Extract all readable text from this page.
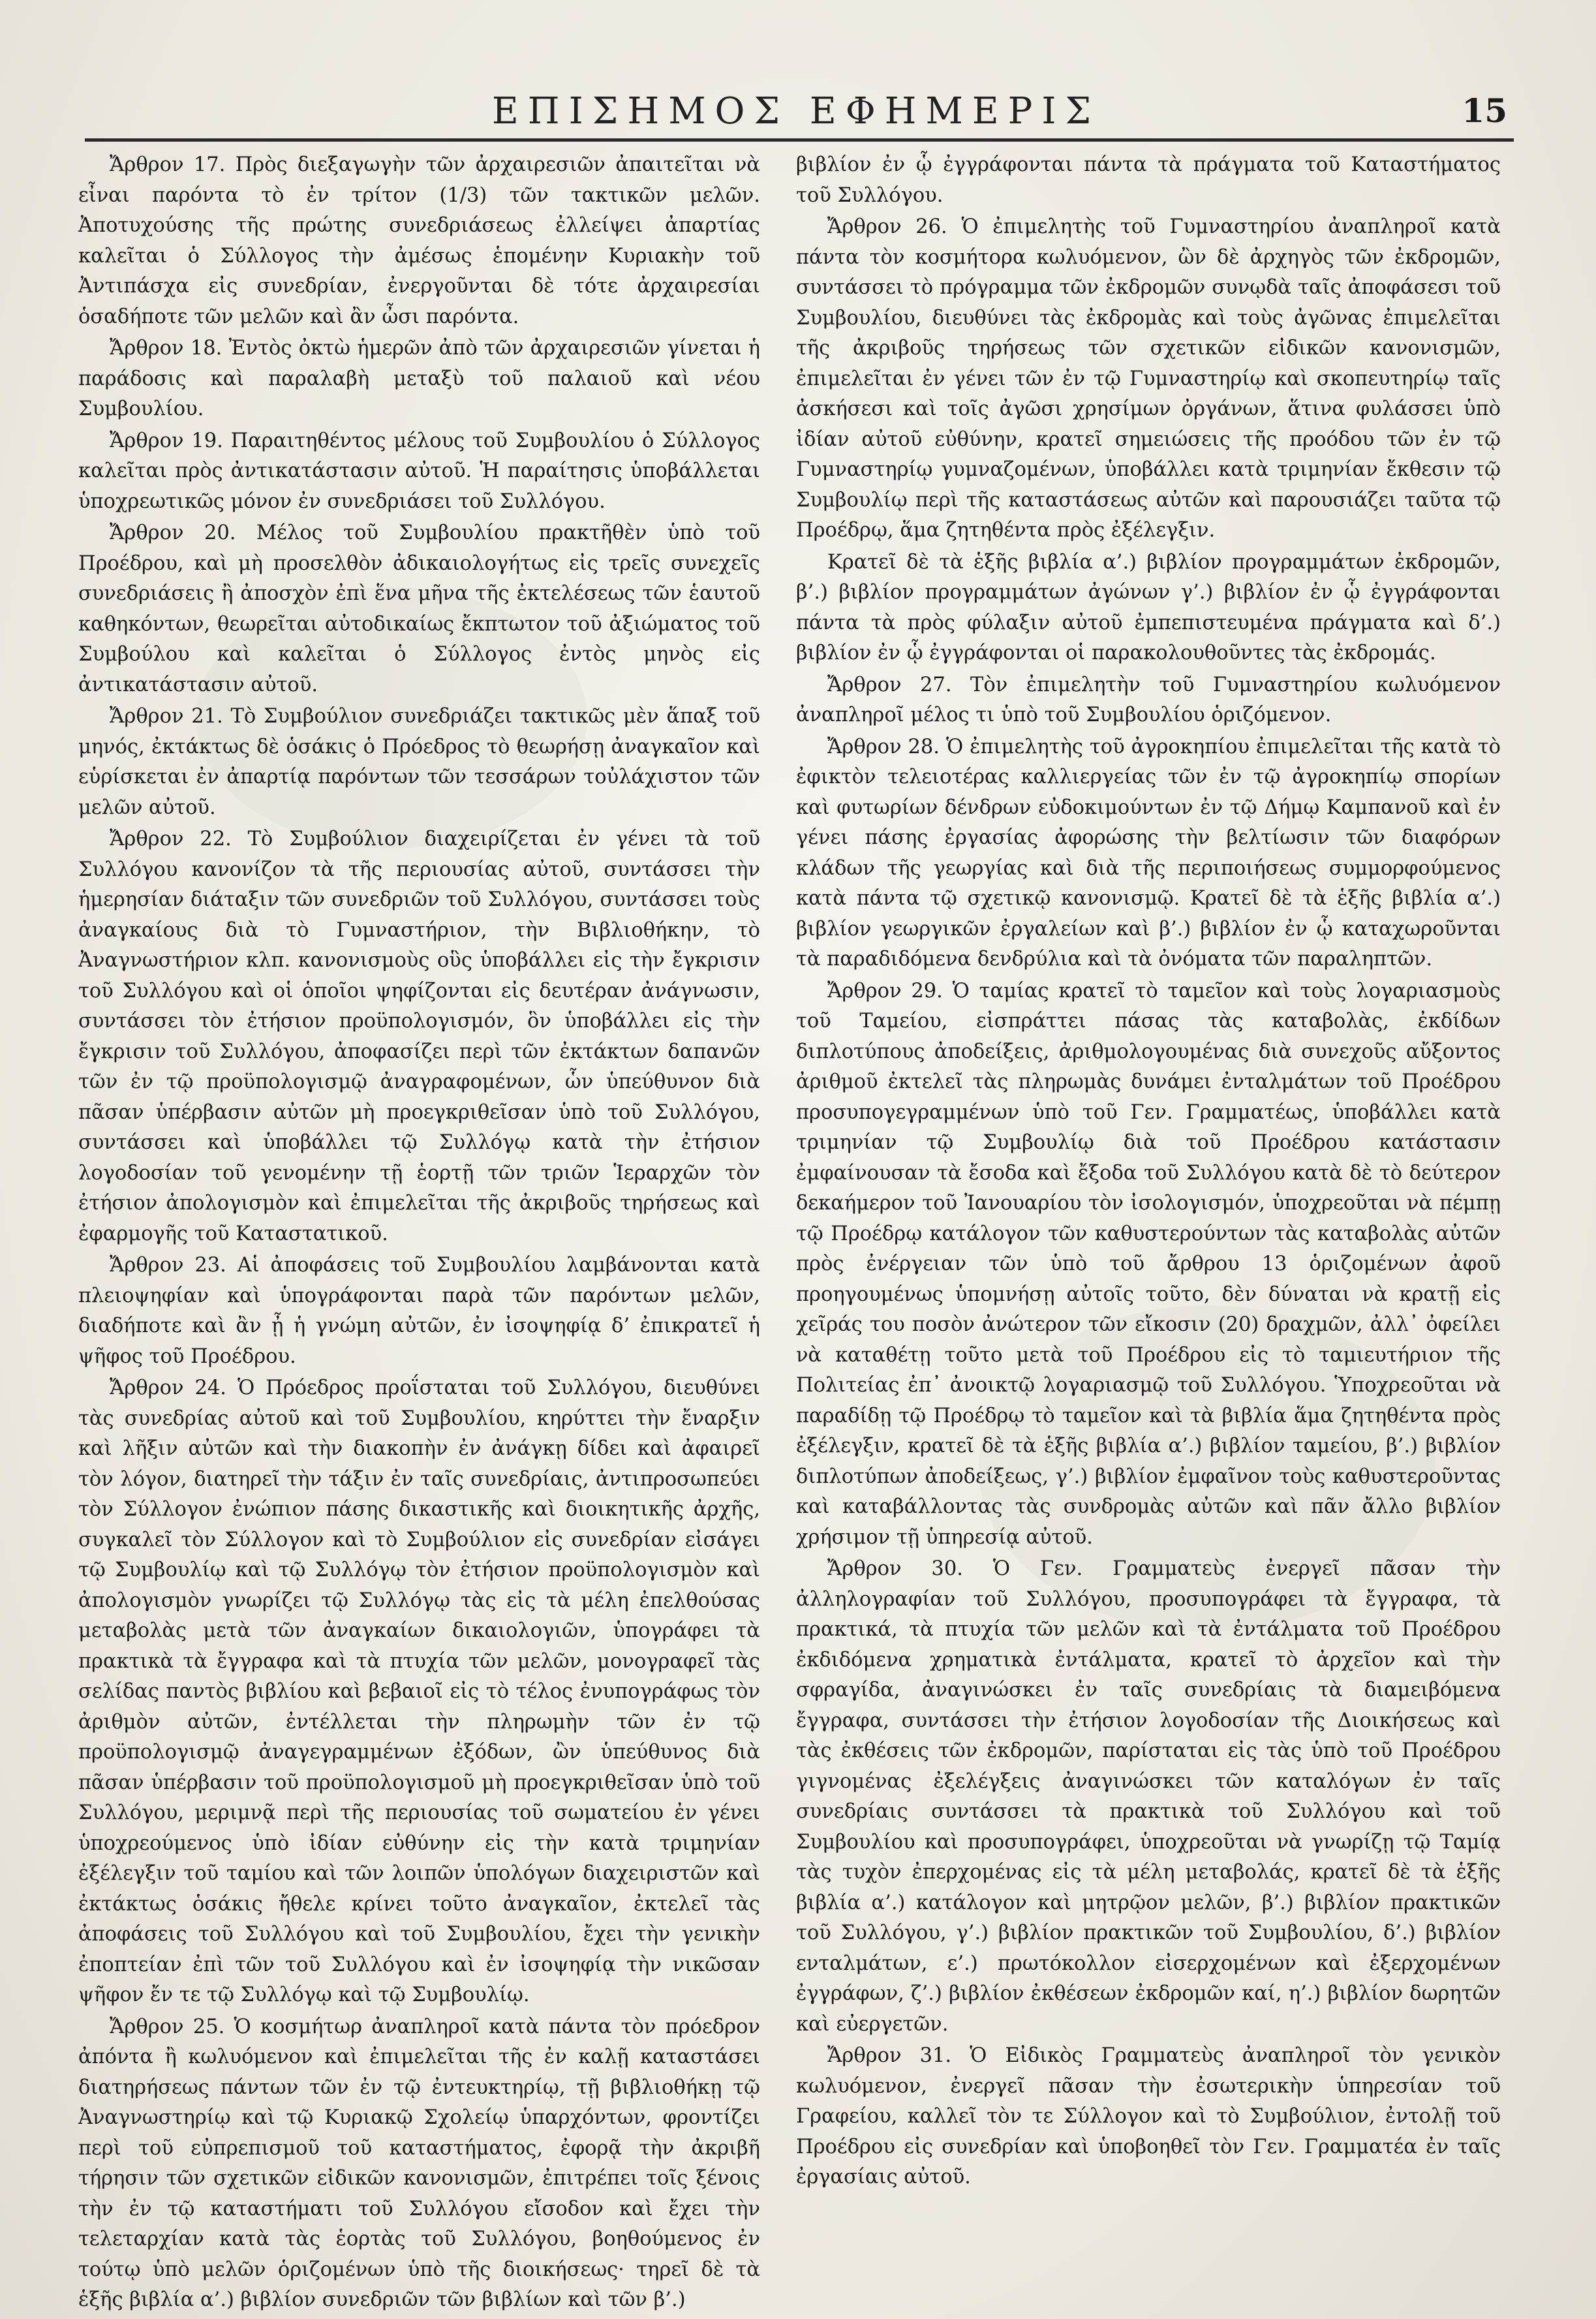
ΕΠΙΣΗΜΟΣ ΕΦΗΜΕΡΙΣ	15

Ἄρθρον 17. Πρὸς διεξαγωγὴν τῶν ἀρχαιρεσιῶν ἀπαιτεῖται νὰ εἶναι παρόντα τὸ ἐν τρίτον (1/3) τῶν τακτικῶν μελῶν. Ἀποτυχούσης τῆς πρώτης συνεδριάσεως ἐλλείψει ἀπαρτίας καλεῖται ὁ Σύλλογος τὴν ἀμέσως ἑπομένην Κυριακὴν τοῦ Ἀντιπάσχα εἰς συνεδρίαν, ἐνεργοῦνται δὲ τότε ἀρχαιρεσίαι ὁσαδήποτε τῶν μελῶν καὶ ἂν ὦσι παρόντα.

Ἄρθρον 18. Ἐντὸς ὀκτὼ ἡμερῶν ἀπὸ τῶν ἀρχαιρεσιῶν γίνεται ἡ παράδοσις καὶ παραλαβὴ μεταξὺ τοῦ παλαιοῦ καὶ νέου Συμβουλίου.

Ἄρθρον 19. Παραιτηθέντος μέλους τοῦ Συμβουλίου ὁ Σύλλογος καλεῖται πρὸς ἀντικατάστασιν αὐτοῦ. Ἡ παραίτησις ὑποβάλλεται ὑποχρεωτικῶς μόνον ἐν συνεδριάσει τοῦ Συλλόγου.

Ἄρθρον 20. Μέλος τοῦ Συμβουλίου πρακτῆθὲν ὑπὸ τοῦ Προέδρου, καὶ μὴ προσελθὸν ἀδικαιολογήτως εἰς τρεῖς συνεχεῖς συνεδριάσεις ἢ ἀποσχὸν ἐπὶ ἕνα μῆνα τῆς ἐκτελέσεως τῶν ἑαυτοῦ καθηκόντων, θεωρεῖται αὐτοδικαίως ἔκπτωτον τοῦ ἀξιώματος τοῦ Συμβούλου καὶ καλεῖται ὁ Σύλλογος ἐντὸς μηνὸς εἰς ἀντικατάστασιν αὐτοῦ.

Ἄρθρον 21. Τὸ Συμβούλιον συνεδριάζει τακτικῶς μὲν ἅπαξ τοῦ μηνός, ἐκτάκτως δὲ ὁσάκις ὁ Πρόεδρος τὸ θεωρήσῃ ἀναγκαῖον καὶ εὑρίσκεται ἐν ἀπαρτίᾳ παρόντων τῶν τεσσάρων τοὐλάχιστον τῶν μελῶν αὐτοῦ.

Ἄρθρον 22. Τὸ Συμβούλιον διαχειρίζεται ἐν γένει τὰ τοῦ Συλλόγου κανονίζον τὰ τῆς περιουσίας αὐτοῦ, συντάσσει τὴν ἡμερησίαν διάταξιν τῶν συνεδριῶν τοῦ Συλλόγου, συντάσσει τοὺς ἀναγκαίους διὰ τὸ Γυμναστήριον, τὴν Βιβλιοθήκην, τὸ Ἀναγνωστήριον κλπ. κανονισμοὺς οὓς ὑποβάλλει εἰς τὴν ἔγκρισιν τοῦ Συλλόγου καὶ οἱ ὁποῖοι ψηφίζονται εἰς δευτέραν ἀνάγνωσιν, συντάσσει τὸν ἐτήσιον προϋπολογισμόν, ὃν ὑποβάλλει εἰς τὴν ἔγκρισιν τοῦ Συλλόγου, ἀποφασίζει περὶ τῶν ἐκτάκτων δαπανῶν τῶν ἐν τῷ προϋπολογισμῷ ἀναγραφομένων, ὧν ὑπεύθυνον διὰ πᾶσαν ὑπέρβασιν αὐτῶν μὴ προεγκριθεῖσαν ὑπὸ τοῦ Συλλόγου, συντάσσει καὶ ὑποβάλλει τῷ Συλλόγῳ κατὰ τὴν ἐτήσιον λογοδοσίαν τοῦ γενομένην τῇ ἑορτῇ τῶν τριῶν Ἱεραρχῶν τὸν ἐτήσιον ἀπολογισμὸν καὶ ἐπιμελεῖται τῆς ἀκριβοῦς τηρήσεως καὶ ἐφαρμογῆς τοῦ Καταστατικοῦ.

Ἄρθρον 23. Αἱ ἀποφάσεις τοῦ Συμβουλίου λαμβάνονται κατὰ πλειοψηφίαν καὶ ὑπογράφονται παρὰ τῶν παρόντων μελῶν, διαδήποτε καὶ ἂν ᾖ ἡ γνώμη αὐτῶν, ἐν ἰσοψηφίᾳ δ’ ἐπικρατεῖ ἡ ψῆφος τοῦ Προέδρου.

Ἄρθρον 24. Ὁ Πρόεδρος προΐσταται τοῦ Συλλόγου, διευθύνει τὰς συνεδρίας αὐτοῦ καὶ τοῦ Συμβουλίου, κηρύττει τὴν ἔναρξιν καὶ λῆξιν αὐτῶν καὶ τὴν διακοπὴν ἐν ἀνάγκῃ δίδει καὶ ἀφαιρεῖ τὸν λόγον, διατηρεῖ τὴν τάξιν ἐν ταῖς συνεδρίαις, ἀντιπροσωπεύει τὸν Σύλλογον ἐνώπιον πάσης δικαστικῆς καὶ διοικητικῆς ἀρχῆς, συγκαλεῖ τὸν Σύλλογον καὶ τὸ Συμβούλιον εἰς συνεδρίαν εἰσάγει τῷ Συμβουλίῳ καὶ τῷ Συλλόγῳ τὸν ἐτήσιον προϋπολογισμὸν καὶ ἀπολογισμὸν γνωρίζει τῷ Συλλόγῳ τὰς εἰς τὰ μέλη ἐπελθούσας μεταβολὰς μετὰ τῶν ἀναγκαίων δικαιολογιῶν, ὑπογράφει τὰ πρακτικὰ τὰ ἔγγραφα καὶ τὰ πτυχία τῶν μελῶν, μονογραφεῖ τὰς σελίδας παντὸς βιβλίου καὶ βεβαιοῖ εἰς τὸ τέλος ἐνυπογράφως τὸν ἀριθμὸν αὐτῶν, ἐντέλλεται τὴν πληρωμὴν τῶν ἐν τῷ προϋπολογισμῷ ἀναγεγραμμένων ἐξόδων, ὢν ὑπεύθυνος διὰ πᾶσαν ὑπέρβασιν τοῦ προϋπολογισμοῦ μὴ προεγκριθεῖσαν ὑπὸ τοῦ Συλλόγου, μεριμνᾷ περὶ τῆς περιουσίας τοῦ σωματείου ἐν γένει ὑποχρεούμενος ὑπὸ ἰδίαν εὐθύνην εἰς τὴν κατὰ τριμηνίαν ἐξέλεγξιν τοῦ ταμίου καὶ τῶν λοιπῶν ὑπολόγων διαχειριστῶν καὶ ἐκτάκτως ὁσάκις ἤθελε κρίνει τοῦτο ἀναγκαῖον, ἐκτελεῖ τὰς ἀποφάσεις τοῦ Συλλόγου καὶ τοῦ Συμβουλίου, ἔχει τὴν γενικὴν ἐποπτείαν ἐπὶ τῶν τοῦ Συλλόγου καὶ ἐν ἰσοψηφίᾳ τὴν νικῶσαν ψῆφον ἔν τε τῷ Συλλόγῳ καὶ τῷ Συμβουλίῳ.

Ἄρθρον 25. Ὁ κοσμήτωρ ἀναπληροῖ κατὰ πάντα τὸν πρόεδρον ἀπόντα ἢ κωλυόμενον καὶ ἐπιμελεῖται τῆς ἐν καλῇ καταστάσει διατηρήσεως πάντων τῶν ἐν τῷ ἐντευκτηρίῳ, τῇ βιβλιοθήκῃ τῷ Ἀναγνωστηρίῳ καὶ τῷ Κυριακῷ Σχολείῳ ὑπαρχόντων, φροντίζει περὶ τοῦ εὐπρεπισμοῦ τοῦ καταστήματος, ἐφορᾷ τὴν ἀκριβῆ τήρησιν τῶν σχετικῶν εἰδικῶν κανονισμῶν, ἐπιτρέπει τοῖς ξένοις τὴν ἐν τῷ καταστήματι τοῦ Συλλόγου εἴσοδον καὶ ἔχει τὴν τελεταρχίαν κατὰ τὰς ἑορτὰς τοῦ Συλλόγου, βοηθούμενος ἐν τούτῳ ὑπὸ μελῶν ὁριζομένων ὑπὸ τῆς διοικήσεως· τηρεῖ δὲ τὰ ἑξῆς βιβλία α’.) βιβλίον συνεδριῶν τῶν βιβλίων καὶ τῶν β’.)

βιβλίον ἐν ᾧ ἐγγράφονται πάντα τὰ πράγματα τοῦ Καταστήματος τοῦ Συλλόγου.

Ἄρθρον 26. Ὁ ἐπιμελητὴς τοῦ Γυμναστηρίου ἀναπληροῖ κατὰ πάντα τὸν κοσμήτορα κωλυόμενον, ὢν δὲ ἀρχηγὸς τῶν ἐκδρομῶν, συντάσσει τὸ πρόγραμμα τῶν ἐκδρομῶν συνῳδὰ ταῖς ἀποφάσεσι τοῦ Συμβουλίου, διευθύνει τὰς ἐκδρομὰς καὶ τοὺς ἀγῶνας ἐπιμελεῖται τῆς ἀκριβοῦς τηρήσεως τῶν σχετικῶν εἰδικῶν κανονισμῶν, ἐπιμελεῖται ἐν γένει τῶν ἐν τῷ Γυμναστηρίῳ καὶ σκοπευτηρίῳ ταῖς ἀσκήσεσι καὶ τοῖς ἀγῶσι χρησίμων ὀργάνων, ἅτινα φυλάσσει ὑπὸ ἰδίαν αὐτοῦ εὐθύνην, κρατεῖ σημειώσεις τῆς προόδου τῶν ἐν τῷ Γυμναστηρίῳ γυμναζομένων, ὑποβάλλει κατὰ τριμηνίαν ἔκθεσιν τῷ Συμβουλίῳ περὶ τῆς καταστάσεως αὐτῶν καὶ παρουσιάζει ταῦτα τῷ Προέδρῳ, ἅμα ζητηθέντα πρὸς ἐξέλεγξιν.

Κρατεῖ δὲ τὰ ἑξῆς βιβλία α’.) βιβλίον προγραμμάτων ἐκδρομῶν, β’.) βιβλίον προγραμμάτων ἀγώνων γ’.) βιβλίον ἐν ᾧ ἐγγράφονται πάντα τὰ πρὸς φύλαξιν αὐτοῦ ἐμπεπιστευμένα πράγματα καὶ δ’.) βιβλίον ἐν ᾧ ἐγγράφονται οἱ παρακολουθοῦντες τὰς ἐκδρομάς.

Ἄρθρον 27. Τὸν ἐπιμελητὴν τοῦ Γυμναστηρίου κωλυόμενον ἀναπληροῖ μέλος τι ὑπὸ τοῦ Συμβουλίου ὁριζόμενον.

Ἄρθρον 28. Ὁ ἐπιμελητὴς τοῦ ἀγροκηπίου ἐπιμελεῖται τῆς κατὰ τὸ ἐφικτὸν τελειοτέρας καλλιεργείας τῶν ἐν τῷ ἀγροκηπίῳ σπορίων καὶ φυτωρίων δένδρων εὐδοκιμούντων ἐν τῷ Δήμῳ Καμπανοῦ καὶ ἐν γένει πάσης ἐργασίας ἀφορώσης τὴν βελτίωσιν τῶν διαφόρων κλάδων τῆς γεωργίας καὶ διὰ τῆς περιποιήσεως συμμορφούμενος κατὰ πάντα τῷ σχετικῷ κανονισμῷ. Κρατεῖ δὲ τὰ ἑξῆς βιβλία α’.) βιβλίον γεωργικῶν ἐργαλείων καὶ β’.) βιβλίον ἐν ᾧ καταχωροῦνται τὰ παραδιδόμενα δενδρύλια καὶ τὰ ὀνόματα τῶν παραληπτῶν.

Ἄρθρον 29. Ὁ ταμίας κρατεῖ τὸ ταμεῖον καὶ τοὺς λογαριασμοὺς τοῦ Ταμείου, εἰσπράττει πάσας τὰς καταβολὰς, ἐκδίδων διπλοτύπους ἀποδείξεις, ἀριθμολογουμένας διὰ συνεχοῦς αὔξοντος ἀριθμοῦ ἐκτελεῖ τὰς πληρωμὰς δυνάμει ἐνταλμάτων τοῦ Προέδρου προσυπογεγραμμένων ὑπὸ τοῦ Γεν. Γραμματέως, ὑποβάλλει κατὰ τριμηνίαν τῷ Συμβουλίῳ διὰ τοῦ Προέδρου κατάστασιν ἐμφαίνουσαν τὰ ἔσοδα καὶ ἔξοδα τοῦ Συλλόγου κατὰ δὲ τὸ δεύτερον δεκαήμερον τοῦ Ἰανουαρίου τὸν ἰσολογισμόν, ὑποχρεοῦται νὰ πέμπῃ τῷ Προέδρῳ κατάλογον τῶν καθυστερούντων τὰς καταβολὰς αὐτῶν πρὸς ἐνέργειαν τῶν ὑπὸ τοῦ ἄρθρου 13 ὁριζομένων ἀφοῦ προηγουμένως ὑπομνήσῃ αὐτοῖς τοῦτο, δὲν δύναται νὰ κρατῇ εἰς χεῖράς του ποσὸν ἀνώτερον τῶν εἴκοσιν (20) δραχμῶν, ἀλλ᾽ ὀφείλει νὰ καταθέτῃ τοῦτο μετὰ τοῦ Προέδρου εἰς τὸ ταμιευτήριον τῆς Πολιτείας ἐπ᾽ ἀνοικτῷ λογαριασμῷ τοῦ Συλλόγου. Ὑποχρεοῦται νὰ παραδίδῃ τῷ Προέδρῳ τὸ ταμεῖον καὶ τὰ βιβλία ἅμα ζητηθέντα πρὸς ἐξέλεγξιν, κρατεῖ δὲ τὰ ἑξῆς βιβλία α’.) βιβλίον ταμείου, β’.) βιβλίον διπλοτύπων ἀποδείξεως, γ’.) βιβλίον ἐμφαῖνον τοὺς καθυστεροῦντας καὶ καταβάλλοντας τὰς συνδρομὰς αὐτῶν καὶ πᾶν ἄλλο βιβλίον χρήσιμον τῇ ὑπηρεσίᾳ αὐτοῦ.

Ἄρθρον 30. Ὁ Γεν. Γραμματεὺς ἐνεργεῖ πᾶσαν τὴν ἀλληλογραφίαν τοῦ Συλλόγου, προσυπογράφει τὰ ἔγγραφα, τὰ πρακτικά, τὰ πτυχία τῶν μελῶν καὶ τὰ ἐντάλματα τοῦ Προέδρου ἐκδιδόμενα χρηματικὰ ἐντάλματα, κρατεῖ τὸ ἀρχεῖον καὶ τὴν σφραγίδα, ἀναγινώσκει ἐν ταῖς συνεδρίαις τὰ διαμειβόμενα ἔγγραφα, συντάσσει τὴν ἐτήσιον λογοδοσίαν τῆς Διοικήσεως καὶ τὰς ἐκθέσεις τῶν ἐκδρομῶν, παρίσταται εἰς τὰς ὑπὸ τοῦ Προέδρου γιγνομένας ἐξελέγξεις ἀναγινώσκει τῶν καταλόγων ἐν ταῖς συνεδρίαις συντάσσει τὰ πρακτικὰ τοῦ Συλλόγου καὶ τοῦ Συμβουλίου καὶ προσυπογράφει, ὑποχρεοῦται νὰ γνωρίζῃ τῷ Ταμίᾳ τὰς τυχὸν ἐπερχομένας εἰς τὰ μέλη μεταβολάς, κρατεῖ δὲ τὰ ἑξῆς βιβλία α’.) κατάλογον καὶ μητρῷον μελῶν, β’.) βιβλίον πρακτικῶν τοῦ Συλλόγου, γ’.) βιβλίον πρακτικῶν τοῦ Συμβουλίου, δ’.) βιβλίον ενταλμάτων, ε’.) πρωτόκολλον εἰσερχομένων καὶ ἐξερχομένων ἐγγράφων, ζ’.) βιβλίον ἐκθέσεων ἐκδρομῶν καί, η’.) βιβλίον δωρητῶν καὶ εὐεργετῶν.

Ἄρθρον 31. Ὁ Εἰδικὸς Γραμματεὺς ἀναπληροῖ τὸν γενικὸν κωλυόμενον, ἐνεργεῖ πᾶσαν τὴν ἐσωτερικὴν ὑπηρεσίαν τοῦ Γραφείου, καλλεῖ τὸν τε Σύλλογον καὶ τὸ Συμβούλιον, ἐντολῇ τοῦ Προέδρου εἰς συνεδρίαν καὶ ὑποβοηθεῖ τὸν Γεν. Γραμματέα ἐν ταῖς ἐργασίαις αὐτοῦ.
